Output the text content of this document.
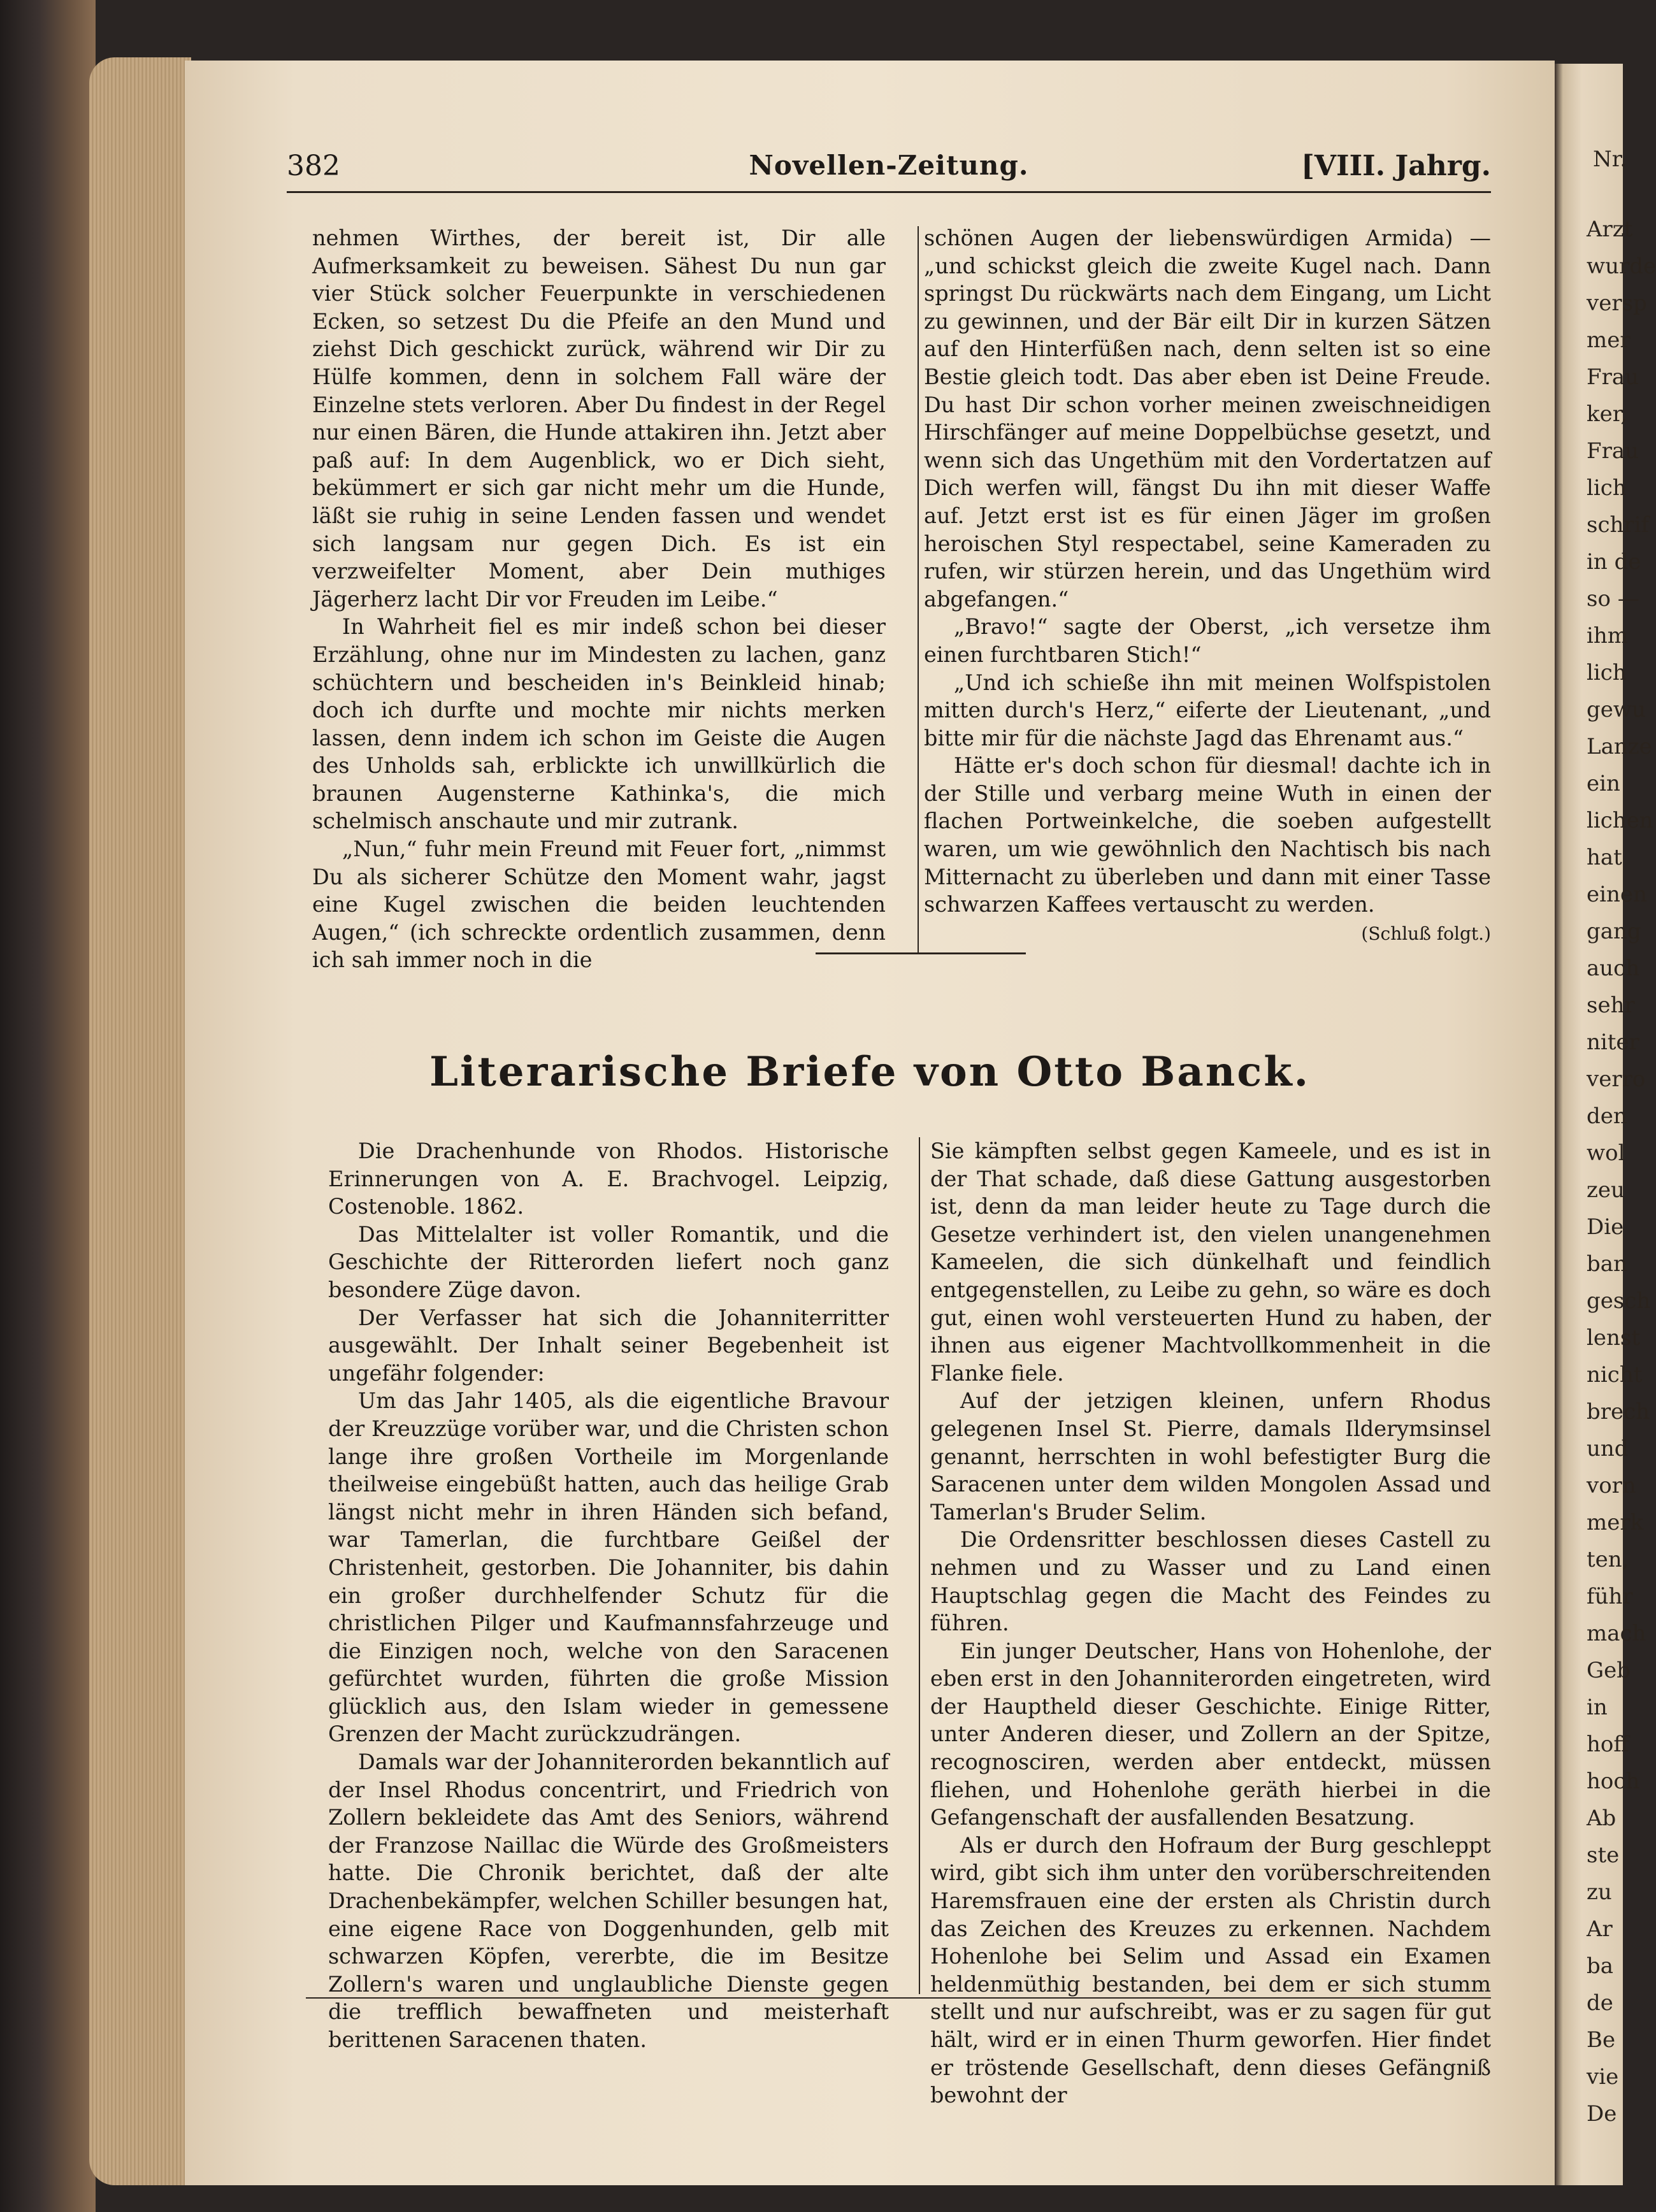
Nr.
Arzt
wurde
versp
mer
Frau
ker,
Frau
lich
schrif
in de
so —
ihm
lich
gewu
Lanze
ein
lichen
hat
einen
gang
auch
sehr
niter
verro
den
wol
zeu
Die
ban
gesch
lenst
nicht
brech
und
vorn
merk
ten,
führ
mach
Geb
in
hoff
hoch
Ab
ste
zu
Ar
ba
de
Be
vie
De
382	Novellen-Zeitung.	[VIII. Jahrg.

nehmen Wirthes, der bereit ist, Dir alle Aufmerksamkeit zu beweisen. Sähest Du nun gar vier Stück solcher Feuerpunkte in verschiedenen Ecken, so setzest Du die Pfeife an den Mund und ziehst Dich geschickt zurück, während wir Dir zu Hülfe kommen, denn in solchem Fall wäre der Einzelne stets verloren. Aber Du findest in der Regel nur einen Bären, die Hunde attakiren ihn. Jetzt aber paß auf: In dem Augenblick, wo er Dich sieht, bekümmert er sich gar nicht mehr um die Hunde, läßt sie ruhig in seine Lenden fassen und wendet sich langsam nur gegen Dich. Es ist ein verzweifelter Moment, aber Dein muthiges Jägerherz lacht Dir vor Freuden im Leibe.“

In Wahrheit fiel es mir indeß schon bei dieser Erzählung, ohne nur im Mindesten zu lachen, ganz schüchtern und bescheiden in's Beinkleid hinab; doch ich durfte und mochte mir nichts merken lassen, denn indem ich schon im Geiste die Augen des Unholds sah, erblickte ich unwillkürlich die braunen Augensterne Kathinka's, die mich schelmisch anschaute und mir zutrank.

„Nun,“ fuhr mein Freund mit Feuer fort, „nimmst Du als sicherer Schütze den Moment wahr, jagst eine Kugel zwischen die beiden leuchtenden Augen,“ (ich schreckte ordentlich zusammen, denn ich sah immer noch in die

schönen Augen der liebenswürdigen Armida) — „und schickst gleich die zweite Kugel nach. Dann springst Du rückwärts nach dem Eingang, um Licht zu gewinnen, und der Bär eilt Dir in kurzen Sätzen auf den Hinterfüßen nach, denn selten ist so eine Bestie gleich todt. Das aber eben ist Deine Freude. Du hast Dir schon vorher meinen zweischneidigen Hirschfänger auf meine Doppelbüchse gesetzt, und wenn sich das Ungethüm mit den Vordertatzen auf Dich werfen will, fängst Du ihn mit dieser Waffe auf. Jetzt erst ist es für einen Jäger im großen heroischen Styl respectabel, seine Kameraden zu rufen, wir stürzen herein, und das Ungethüm wird abgefangen.“

„Bravo!“ sagte der Oberst, „ich versetze ihm einen furchtbaren Stich!“

„Und ich schieße ihn mit meinen Wolfspistolen mitten durch's Herz,“ eiferte der Lieutenant, „und bitte mir für die nächste Jagd das Ehrenamt aus.“

Hätte er's doch schon für diesmal! dachte ich in der Stille und verbarg meine Wuth in einen der flachen Portweinkelche, die soeben aufgestellt waren, um wie gewöhnlich den Nachtisch bis nach Mitternacht zu überleben und dann mit einer Tasse schwarzen Kaffees vertauscht zu werden.

(Schluß folgt.)
Literarische Briefe von Otto Banck.

Die Drachenhunde von Rhodos. Historische Erinnerungen von A. E. Brachvogel. Leipzig, Costenoble. 1862.

Das Mittelalter ist voller Romantik, und die Geschichte der Ritterorden liefert noch ganz besondere Züge davon.

Der Verfasser hat sich die Johanniterritter ausgewählt. Der Inhalt seiner Begebenheit ist ungefähr folgender:

Um das Jahr 1405, als die eigentliche Bravour der Kreuzzüge vorüber war, und die Christen schon lange ihre großen Vortheile im Morgenlande theilweise eingebüßt hatten, auch das heilige Grab längst nicht mehr in ihren Händen sich befand, war Tamerlan, die furchtbare Geißel der Christenheit, gestorben. Die Johanniter, bis dahin ein großer durchhelfender Schutz für die christlichen Pilger und Kaufmannsfahrzeuge und die Einzigen noch, welche von den Saracenen gefürchtet wurden, führten die große Mission glücklich aus, den Islam wieder in gemessene Grenzen der Macht zurückzudrängen.

Damals war der Johanniterorden bekanntlich auf der Insel Rhodus concentrirt, und Friedrich von Zollern bekleidete das Amt des Seniors, während der Franzose Naillac die Würde des Großmeisters hatte. Die Chronik berichtet, daß der alte Drachenbekämpfer, welchen Schiller besungen hat, eine eigene Race von Doggenhunden, gelb mit schwarzen Köpfen, vererbte, die im Besitze Zollern's waren und unglaubliche Dienste gegen die trefflich bewaffneten und meisterhaft berittenen Saracenen thaten.

Sie kämpften selbst gegen Kameele, und es ist in der That schade, daß diese Gattung ausgestorben ist, denn da man leider heute zu Tage durch die Gesetze verhindert ist, den vielen unangenehmen Kameelen, die sich dünkelhaft und feindlich entgegenstellen, zu Leibe zu gehn, so wäre es doch gut, einen wohl versteuerten Hund zu haben, der ihnen aus eigener Machtvollkommenheit in die Flanke fiele.

Auf der jetzigen kleinen, unfern Rhodus gelegenen Insel St. Pierre, damals Ilderymsinsel genannt, herrschten in wohl befestigter Burg die Saracenen unter dem wilden Mongolen Assad und Tamerlan's Bruder Selim.

Die Ordensritter beschlossen dieses Castell zu nehmen und zu Wasser und zu Land einen Hauptschlag gegen die Macht des Feindes zu führen.

Ein junger Deutscher, Hans von Hohenlohe, der eben erst in den Johanniterorden eingetreten, wird der Hauptheld dieser Geschichte. Einige Ritter, unter Anderen dieser, und Zollern an der Spitze, recognosciren, werden aber entdeckt, müssen fliehen, und Hohenlohe geräth hierbei in die Gefangenschaft der ausfallenden Besatzung.

Als er durch den Hofraum der Burg geschleppt wird, gibt sich ihm unter den vorüberschreitenden Haremsfrauen eine der ersten als Christin durch das Zeichen des Kreuzes zu erkennen. Nachdem Hohenlohe bei Selim und Assad ein Examen heldenmüthig bestanden, bei dem er sich stumm stellt und nur aufschreibt, was er zu sagen für gut hält, wird er in einen Thurm geworfen. Hier findet er tröstende Gesellschaft, denn dieses Gefängniß bewohnt der
